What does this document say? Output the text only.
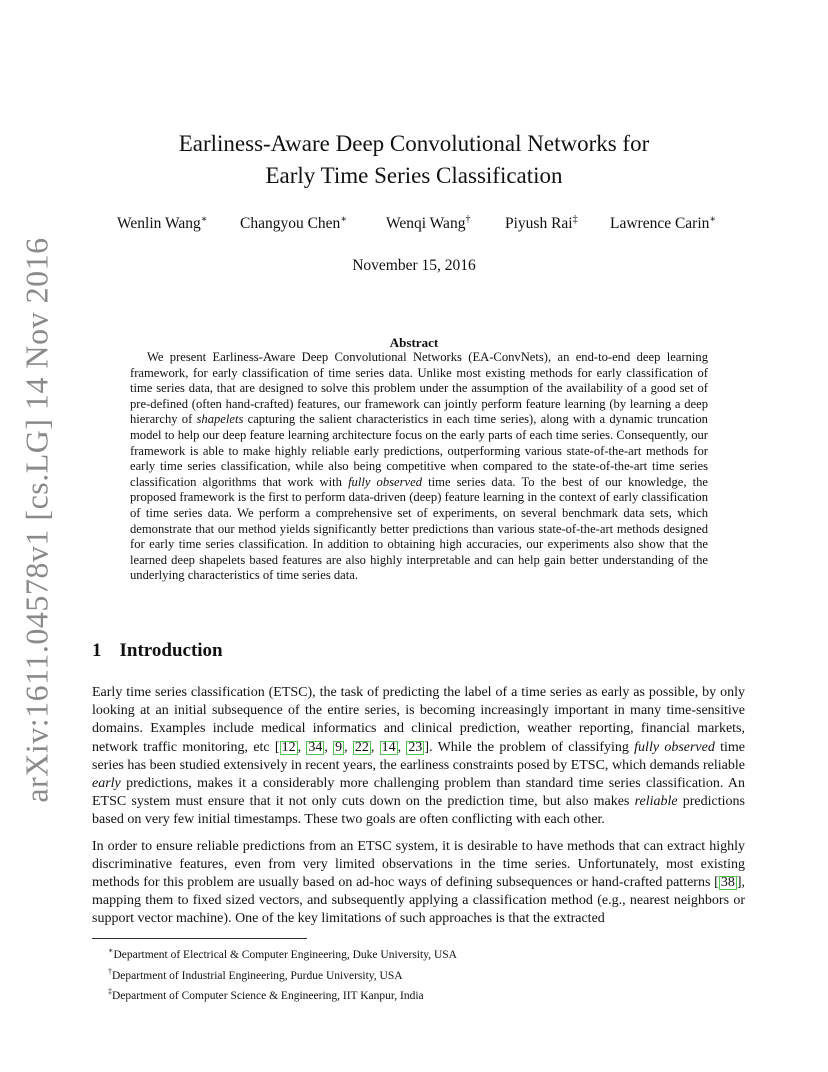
arXiv:1611.04578v1 [cs.LG] 14 Nov 2016
Earliness-Aware Deep Convolutional Networks for
Early Time Series Classification
Wenlin Wang∗ Changyou Chen∗	Wenqi Wang† Piyush Rai‡ Lawrence Carin∗
November 15, 2016
Abstract
We present Earliness-Aware Deep Convolutional Networks (EA-ConvNets), an end-to-end deep learning framework, for early classification of time series data. Unlike most existing methods for early classification of time series data, that are designed to solve this problem under the assumption of the availability of a good set of pre-defined (often hand-crafted) features, our framework can jointly perform feature learning (by learning a deep hierarchy of shapelets capturing the salient characteristics in each time series), along with a dynamic truncation model to help our deep feature learning architecture focus on the early parts of each time series. Consequently, our framework is able to make highly reliable early predictions, outperforming various state-of-the-art methods for early time series classification, while also being competitive when compared to the state-of-the-art time series classification algorithms that work with fully observed time series data. To the best of our knowledge, the proposed framework is the first to perform data-driven (deep) feature learning in the context of early classification of time series data. We perform a comprehensive set of experiments, on several benchmark data sets, which demonstrate that our method yields significantly better predictions than various state-of-the-art methods designed for early time series classification. In addition to obtaining high accuracies, our experiments also show that the learned deep shapelets based features are also highly interpretable and can help gain better understanding of the underlying characteristics of time series data.
1 Introduction

Early time series classification (ETSC), the task of predicting the label of a time series as early as possible, by only looking at an initial subsequence of the entire series, is becoming increasingly important in many time-sensitive domains. Examples include medical informatics and clinical prediction, weather reporting, financial markets, network traffic monitoring, etc [ 12 , 34 , 9 , 22 , 14 , 23 ]. While the problem of classifying fully observed time series has been studied extensively in recent years, the earliness constraints posed by ETSC, which demands reliable early predictions, makes it a considerably more challenging problem than standard time series classification. An ETSC system must ensure that it not only cuts down on the prediction time, but also makes reliable predictions based on very few initial timestamps. These two goals are often conflicting with each other.

In order to ensure reliable predictions from an ETSC system, it is desirable to have methods that can extract highly discriminative features, even from very limited observations in the time series. Unfortunately, most existing methods for this problem are usually based on ad-hoc ways of defining subsequences or hand-crafted patterns [ 38 ], mapping them to fixed sized vectors, and subsequently applying a classification method (e.g., nearest neighbors or support vector machine). One of the key limitations of such approaches is that the extracted

∗Department of Electrical & Computer Engineering, Duke University, USA
†Department of Industrial Engineering, Purdue University, USA
‡Department of Computer Science & Engineering, IIT Kanpur, India
